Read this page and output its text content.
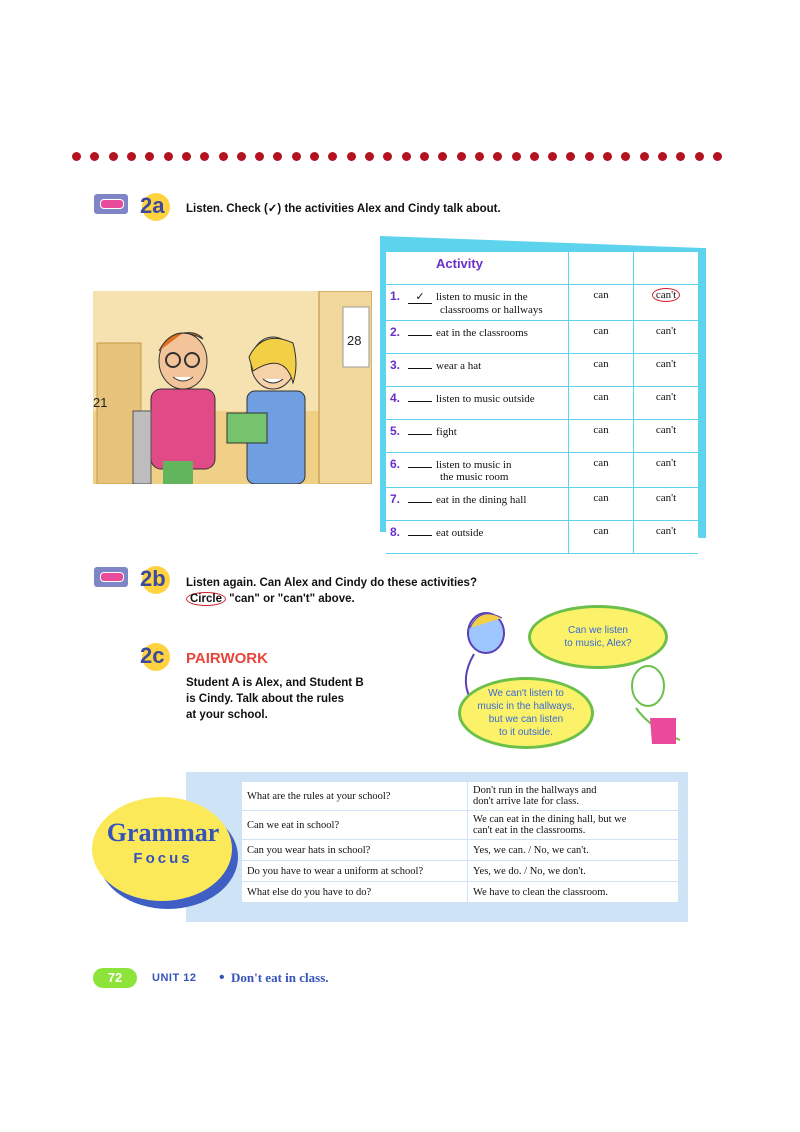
2a Listen. Check (✓) the activities Alex and Cindy talk about.
21
28
Activity		
1. ✓ listen to music in the
classrooms or hallways	can	can't
2. eat in the classrooms	can	can't
3. wear a hat	can	can't
4. listen to music outside	can	can't
5. fight	can	can't
6. listen to music in
the music room	can	can't
7. eat in the dining hall	can	can't
8. eat outside	can	can't
2b Listen again. Can Alex and Cindy do these activities?
Circle "can" or "can't" above.
2c PAIRWORK
Student A is Alex, and Student B
is Cindy. Talk about the rules
at your school.
Can we listen
to music, Alex?
We can't listen to
music in the hallways,
but we can listen
to it outside.
What are the rules at your school?	Don't run in the hallways and
don't arrive late for class.

Can we eat in school?	We can eat in the dining hall, but we
can't eat in the classrooms.

Can you wear hats in school?	Yes, we can. / No, we can't.

Do you have to wear a uniform at school?	Yes, we do. / No, we don't.

What else do you have to do?	We have to clean the classroom.
Grammar
Focus
72	UNIT 12 • Don't eat in class.
